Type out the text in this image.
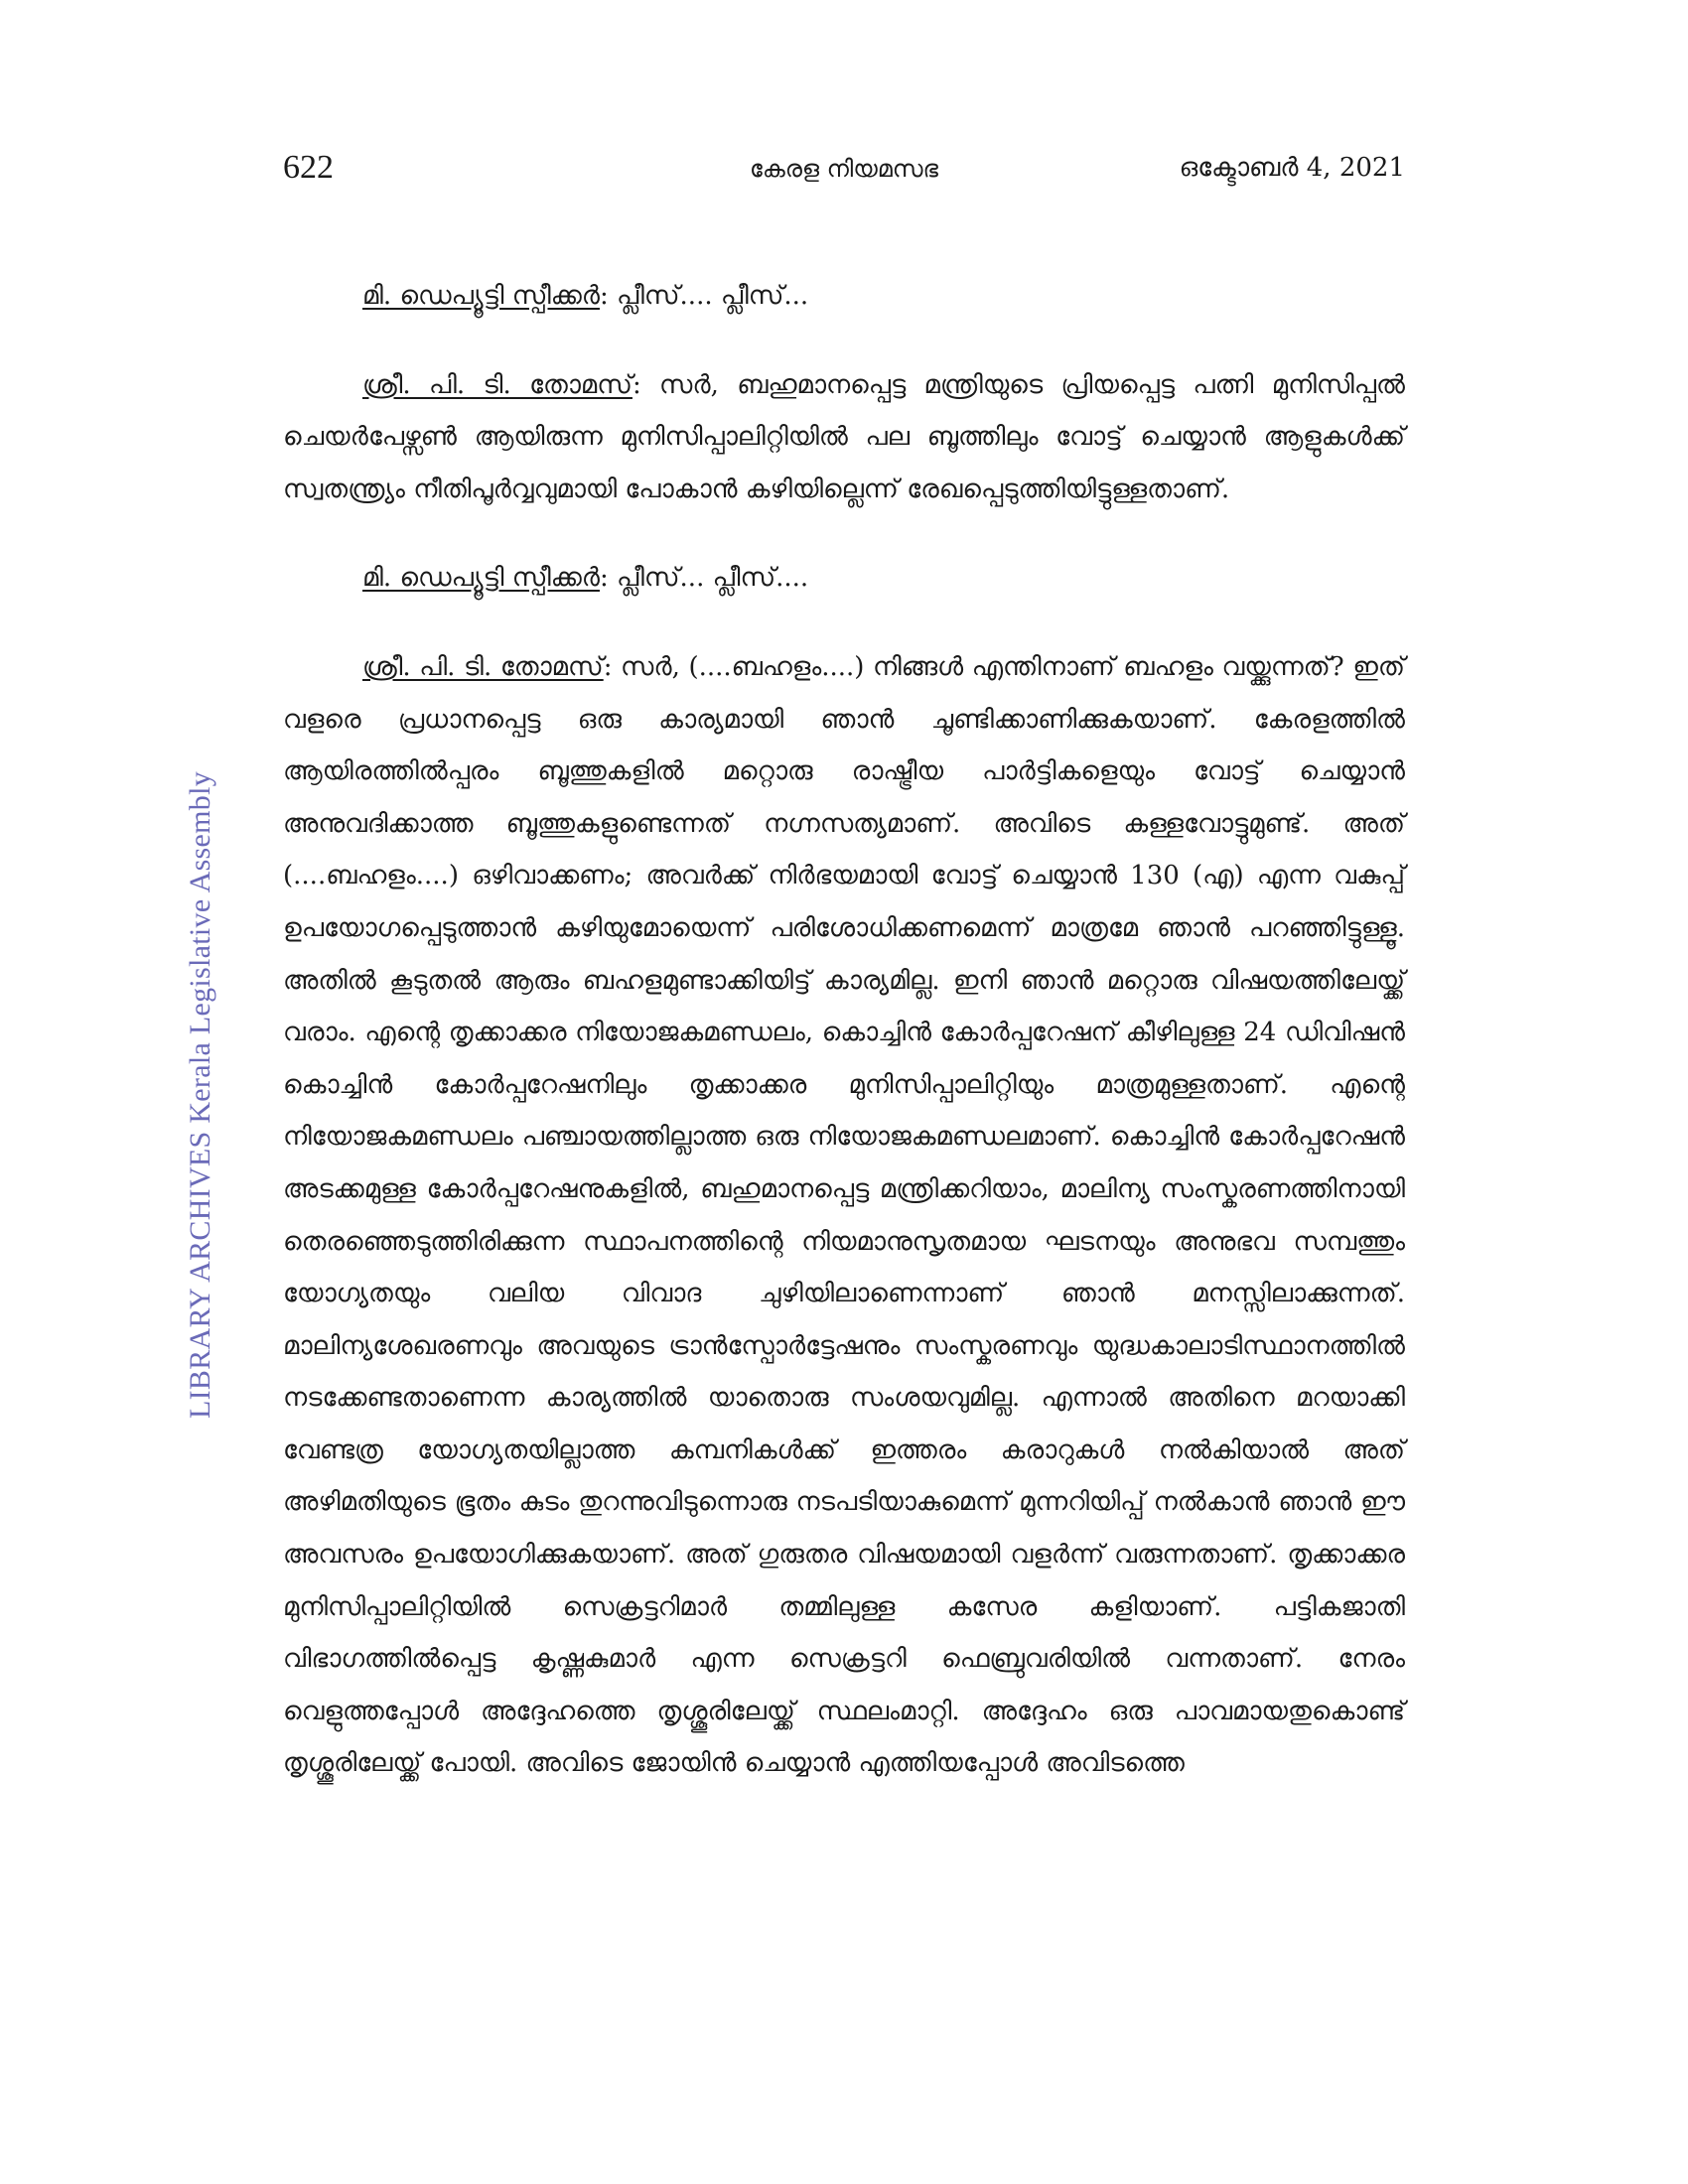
622	കേരള നിയമസഭ	ഒക്ടോബർ 4, 2021
LIBRARY ARCHIVES Kerala Legislative Assembly

മി. ഡെപ്യൂട്ടി സ്പീക്കർ: പ്ലീസ്.... പ്ലീസ്...

ശ്രീ. പി. ടി. തോമസ്: സർ, ബഹുമാനപ്പെട്ട മന്ത്രിയുടെ പ്രിയപ്പെട്ട പത്നി മുനിസിപ്പൽ ചെയർപേഴ്സൺ ആയിരുന്ന മുനിസിപ്പാലിറ്റിയിൽ പല ബൂത്തിലും വോട്ട് ചെയ്യാൻ ആളുകൾക്ക് സ്വതന്ത്ര്യം നീതിപൂർവ്വവുമായി പോകാൻ കഴിയില്ലെന്ന് രേഖപ്പെടുത്തിയിട്ടുള്ളതാണ്.

മി. ഡെപ്യൂട്ടി സ്പീക്കർ: പ്ലീസ്... പ്ലീസ്....

ശ്രീ. പി. ടി. തോമസ്: സർ, (....ബഹളം....) നിങ്ങൾ എന്തിനാണ് ബഹളം വയ്ക്കുന്നത്? ഇത് വളരെ പ്രധാനപ്പെട്ട ഒരു കാര്യമായി ഞാൻ ചൂണ്ടിക്കാണിക്കുകയാണ്. കേരളത്തിൽ ആയിരത്തിൽപ്പരം ബൂത്തുകളിൽ മറ്റൊരു രാഷ്ട്രീയ പാർട്ടികളെയും വോട്ട് ചെയ്യാൻ അനുവദിക്കാത്ത ബൂത്തുകളുണ്ടെന്നത് നഗ്നസത്യമാണ്. അവിടെ കള്ളവോട്ടുമുണ്ട്. അത് (....ബഹളം....) ഒഴിവാക്കണം; അവർക്ക് നിർഭയമായി വോട്ട് ചെയ്യാൻ 130 (എ) എന്ന വകുപ്പ് ഉപയോഗപ്പെടുത്താൻ കഴിയുമോയെന്ന് പരിശോധിക്കണമെന്ന് മാത്രമേ ഞാൻ പറഞ്ഞിട്ടുള്ളൂ. അതിൽ കൂടുതൽ ആരും ബഹളമുണ്ടാക്കിയിട്ട് കാര്യമില്ല. ഇനി ഞാൻ മറ്റൊരു വിഷയത്തിലേയ്ക്ക് വരാം. എന്റെ തൃക്കാക്കര നിയോജകമണ്ഡലം, കൊച്ചിൻ കോർപ്പറേഷന് കീഴിലുള്ള 24 ഡിവിഷൻ കൊച്ചിൻ കോർപ്പറേഷനിലും തൃക്കാക്കര മുനിസിപ്പാലിറ്റിയും മാത്രമുള്ളതാണ്. എന്റെ നിയോജകമണ്ഡലം പഞ്ചായത്തില്ലാത്ത ഒരു നിയോജകമണ്ഡലമാണ്. കൊച്ചിൻ കോർപ്പറേഷൻ അടക്കമുള്ള കോർപ്പറേഷനുകളിൽ, ബഹുമാനപ്പെട്ട മന്ത്രിക്കറിയാം, മാലിന്യ സംസ്കരണത്തിനായി തെരഞ്ഞെടുത്തിരിക്കുന്ന സ്ഥാപനത്തിന്റെ നിയമാനുസൃതമായ ഘടനയും അനുഭവ സമ്പത്തും യോഗ്യതയും വലിയ വിവാദ ചുഴിയിലാണെന്നാണ് ഞാൻ മനസ്സിലാക്കുന്നത്. മാലിന്യശേഖരണവും അവയുടെ ട്രാൻസ്പോർട്ടേഷനും സംസ്കരണവും യുദ്ധകാലാടിസ്ഥാനത്തിൽ നടക്കേണ്ടതാണെന്ന കാര്യത്തിൽ യാതൊരു സംശയവുമില്ല. എന്നാൽ അതിനെ മറയാക്കി വേണ്ടത്ര യോഗ്യതയില്ലാത്ത കമ്പനികൾക്ക് ഇത്തരം കരാറുകൾ നൽകിയാൽ അത് അഴിമതിയുടെ ഭൂതം കുടം തുറന്നുവിടുന്നൊരു നടപടിയാകുമെന്ന് മുന്നറിയിപ്പ് നൽകാൻ ഞാൻ ഈ അവസരം ഉപയോഗിക്കുകയാണ്. അത് ഗുരുതര വിഷയമായി വളർന്ന് വരുന്നതാണ്. തൃക്കാക്കര മുനിസിപ്പാലിറ്റിയിൽ സെക്രട്ടറിമാർ തമ്മിലുള്ള കസേര കളിയാണ്. പട്ടികജാതി വിഭാഗത്തിൽപ്പെട്ട കൃഷ്ണകുമാർ എന്ന സെക്രട്ടറി ഫെബ്രുവരിയിൽ വന്നതാണ്. നേരം വെളുത്തപ്പോൾ അദ്ദേഹത്തെ തൃശ്ശൂരിലേയ്ക്ക് സ്ഥലംമാറ്റി. അദ്ദേഹം ഒരു പാവമായതുകൊണ്ട് തൃശ്ശൂരിലേയ്ക്ക് പോയി. അവിടെ ജോയിൻ ചെയ്യാൻ എത്തിയപ്പോൾ അവിടത്തെ
